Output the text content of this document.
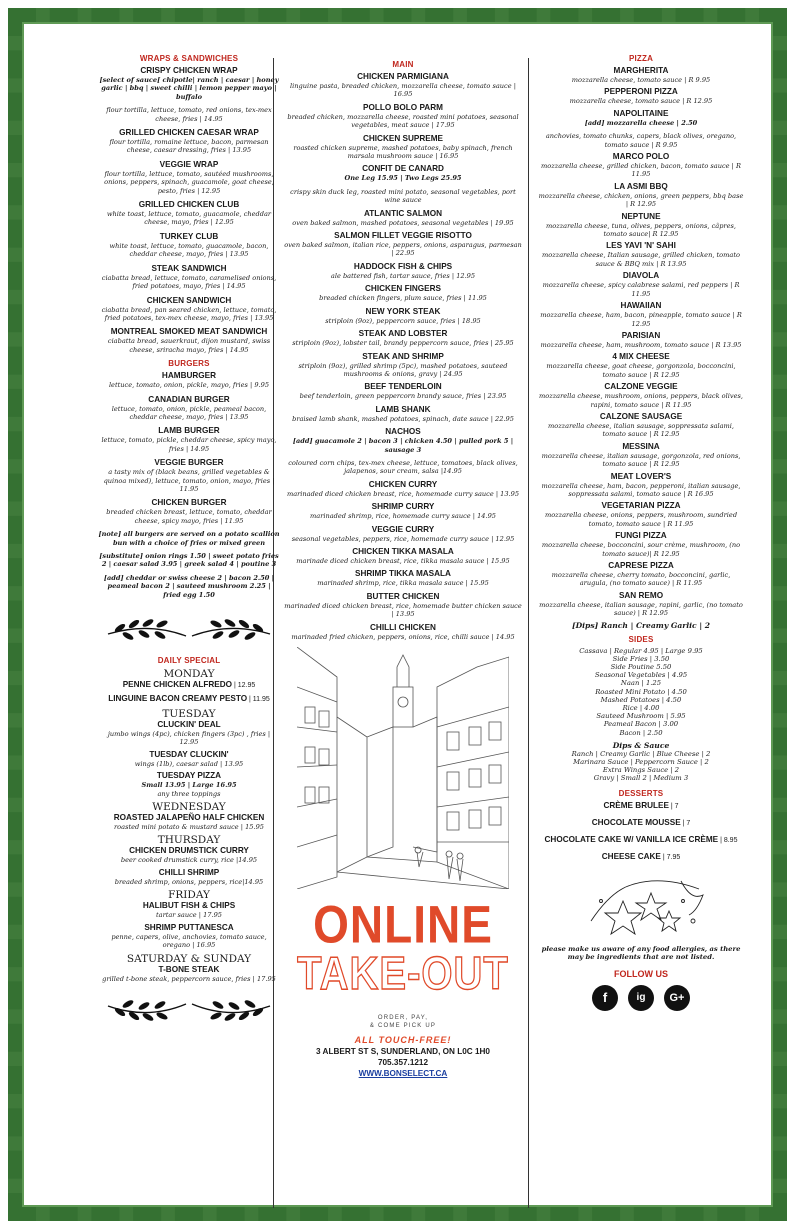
WRAPS & SANDWICHES
CRISPY CHICKEN WRAP
[select of sauce[ chipotle| ranch | caesar | honey garlic | bbq | sweet chilli | lemon pepper mayo | buffalo
flour tortilla, lettuce, tomato, red onions, tex-mex cheese, fries | 14.95
GRILLED CHICKEN CAESAR WRAP
flour tortilla, romaine lettuce, bacon, parmesan cheese, caesar dressing, fries | 13.95
VEGGIE WRAP
flour tortilla, lettuce, tomato, sautéed mushrooms, onions, peppers, spinach, guacamole, goat cheese, pesto, fries | 12.95
GRILLED CHICKEN CLUB
white toast, lettuce, tomato, guacamole, cheddar cheese, mayo, fries | 12.95
TURKEY CLUB
white toast, lettuce, tomato, guacamole, bacon, cheddar cheese, mayo, fries | 13.95
STEAK SANDWICH
ciabatta bread, lettuce, tomato, caramelised onions, fried potatoes, mayo, fries | 14.95
CHICKEN SANDWICH
ciabatta bread, pan seared chicken, lettuce, tomato, fried potatoes, tex-mex cheese, mayo, fries | 13.95
MONTREAL SMOKED MEAT SANDWICH
ciabatta bread, sauerkraut, dijon mustard, swiss cheese, sriracha mayo, fries | 14.95
BURGERS
HAMBURGER
lettuce, tomato, onion, pickle, mayo, fries | 9.95
CANADIAN BURGER
lettuce, tomato, onion, pickle, peameal bacon, cheddar cheese, mayo, fries | 13.95
LAMB BURGER
lettuce, tomato, pickle, cheddar cheese, spicy mayo, fries | 14.95
VEGGIE BURGER
a tasty mix of (black beans, grilled vegetables & quinoa mixed), lettuce, tomato, onion, mayo, fries | 11.95
CHICKEN BURGER
breaded chicken breast, lettuce, tomato, cheddar cheese, spicy mayo, fries | 11.95
[note] all burgers are served on a potato scallion bun with a choice of fries or mixed green
[substitute] onion rings 1.50 | sweet potato fries 2 | caesar salad 3.95 | greek salad 4 | poutine 3
[add] cheddar or swiss cheese 2 | bacon 2.50 | peameal bacon 2 | sauteed mushroom 2.25 | fried egg 1.50
DAILY SPECIAL
MONDAY
PENNE CHICKEN ALFREDO | 12.95
LINGUINE BACON CREAMY PESTO | 11.95
TUESDAY
CLUCKIN' DEAL
jumbo wings (4pc), chicken fingers (3pc) , fries | 12.95
TUESDAY CLUCKIN'
wings (1lb), caesar salad | 13.95
TUESDAY PIZZA
Small 13.95 | Large 16.95
any three toppings
WEDNESDAY
ROASTED JALAPEÑO HALF CHICKEN
roasted mini potato & mustard sauce | 15.95
THURSDAY
CHICKEN DRUMSTICK CURRY
beer cooked drumstick curry, rice |14.95
CHILLI SHRIMP
breaded shrimp, onions, peppers, rice|14.95
FRIDAY
HALIBUT FISH & CHIPS
tartar sauce | 17.95
SHRIMP PUTTANESCA
penne, capers, olive, anchovies, tomato sauce, oregano | 16.95
SATURDAY & SUNDAY
T-BONE STEAK
grilled t-bone steak, peppercorn sauce, fries | 17.95
MAIN
CHICKEN PARMIGIANA
linguine pasta, breaded chicken, mozzarella cheese, tomato sauce | 16.95
POLLO BOLO PARM
breaded chicken, mozzarella cheese, roasted mini potatoes, seasonal vegetables, meat sauce | 17.95
CHICKEN SUPREME
roasted chicken supreme, mashed potatoes, baby spinach, french marsala mushroom sauce | 16.95
CONFIT DE CANARD
One Leg 15.95 | Two Legs 25.95
crispy skin duck leg, roasted mini potato, seasonal vegetables, port wine sauce
ATLANTIC SALMON
oven baked salmon, mashed potatoes, seasonal vegetables | 19.95
SALMON FILLET VEGGIE RISOTTO
oven baked salmon, italian rice, peppers, onions, asparagus, parmesan | 22.95
HADDOCK FISH & CHIPS
ale battered fish, tartar sauce, fries | 12.95
CHICKEN FINGERS
breaded chicken fingers, plum sauce, fries | 11.95
NEW YORK STEAK
striploin (9oz), peppercorn sauce, fries | 18.95
STEAK AND LOBSTER
striploin (9oz), lobster tail, brandy peppercorn sauce, fries | 25.95
STEAK AND SHRIMP
striploin (9oz), grilled shrimp (5pc), mashed potatoes, sauteed mushrooms & onions, gravy | 24.95
BEEF TENDERLOIN
beef tenderloin, green peppercorn brandy sauce, fries | 23.95
LAMB SHANK
braised lamb shank, mashed potatoes, spinach, date sauce | 22.95
NACHOS
[add] guacamole 2 | bacon 3 | chicken 4.50 | pulled pork 5 | sausage 3
coloured corn chips, tex-mex cheese, lettuce, tomatoes, black olives, jalapenos, sour cream, salsa |14.95
CHICKEN CURRY
marinaded diced chicken breast, rice, homemade curry sauce | 13.95
SHRIMP CURRY
marinaded shrimp, rice, homemade curry sauce | 14.95
VEGGIE CURRY
seasonal vegetables, peppers, rice, homemade curry sauce | 12.95
CHICKEN TIKKA MASALA
marinade diced chicken breast, rice, tikka masala sauce | 15.95
SHRIMP TIKKA MASALA
marinaded shrimp, rice, tikka masala sauce | 15.95
BUTTER CHICKEN
marinaded diced chicken breast, rice, homemade butter chicken sauce | 13.95
CHILLI CHICKEN
marinaded fried chicken, peppers, onions, rice, chilli sauce | 14.95
ONLINE
TAKE-OUT
ORDER, PAY,
& COME PICK UP
ALL TOUCH-FREE!
3 ALBERT ST S, SUNDERLAND, ON L0C 1H0
705.357.1212
WWW.BONSELECT.CA
PIZZA
MARGHERITA
mozzarella cheese, tomato sauce | R 9.95
PEPPERONI PIZZA
mozzarella cheese, tomato sauce | R 12.95
NAPOLITAINE
[add] mozzarella cheese | 2.50
anchovies, tomato chunks, capers, black olives, oregano, tomato sauce | R 9.95
MARCO POLO
mozzarella cheese, grilled chicken, bacon, tomato sauce | R 11.95
LA ASMI BBQ
mozzarella cheese, chicken, onions, green peppers, bbq base | R 12.95
NEPTUNE
mozzarella cheese, tuna, olives, peppers, onions, câpres, tomato sauce| R 12.95
LES YAVI 'N' SAHI
mozzarella cheese, Italian sausage, grilled chicken, tomato sauce & BBQ mix | R 13.95
DIAVOLA
mozzarella cheese, spicy calabrese salami, red peppers | R 11.95
HAWAIIAN
mozzarella cheese, ham, bacon, pineapple, tomato sauce | R 12.95
PARISIAN
mozzarella cheese, ham, mushroom, tomato sauce | R 13.95
4 MIX CHEESE
mozzarella cheese, goat cheese, gorgonzola, bocconcini, tomato sauce | R 12.95
CALZONE VEGGIE
mozzarella cheese, mushroom, onions, peppers, black olives, rapini, tomato sauce | R 11.95
CALZONE SAUSAGE
mozzarella cheese, italian sausage, soppressata salami, tomato sauce | R 12.95
MESSINA
mozzarella cheese, italian sausage, gorgonzola, red onions, tomato sauce | R 12.95
MEAT LOVER'S
mozzarella cheese, ham, bacon, pepperoni, italian sausage, soppressata salami, tomato sauce | R 16.95
VEGETARIAN PIZZA
mozzarella cheese, onions, peppers, mushroom, sundried tomato, tomato sauce | R 11.95
FUNGI PIZZA
mozzarella cheese, bocconcini, sour crème, mushroom, (no tomato sauce)| R 12.95
CAPRESE PIZZA
mozzarella cheese, cherry tomato, bocconcini, garlic, arugula, (no tomato sauce) | R 11.95
SAN REMO
mozzarella cheese, italian sausage, rapini, garlic, (no tomato sauce) | R 12.95
[Dips] Ranch | Creamy Garlic | 2
SIDES
Cassava | Regular 4.95 | Large 9.95
Side Fries | 3.50
Side Poutine 5.50
Seasonal Vegetables | 4.95
Naan | 1.25
Roasted Mini Potato | 4.50
Mashed Potatoes | 4.50
Rice | 4.00
Sauteed Mushroom | 5.95
Peameal Bacon | 3.00
Bacon | 2.50
Dips & Sauce
Ranch | Creamy Garlic | Blue Cheese | 2
Marinara Sauce | Peppercorn Sauce | 2
Extra Wings Sauce | 2
Gravy | Small 2 | Medium 3
DESSERTS
CRÈME BRULEE | 7
CHOCOLATE MOUSSE | 7
CHOCOLATE CAKE W/ VANILLA ICE CRÈME | 8.95
CHEESE CAKE | 7.95
please make us aware of any food allergies, as there may be ingredients that are not listed.
FOLLOW US
f	ig	G+
